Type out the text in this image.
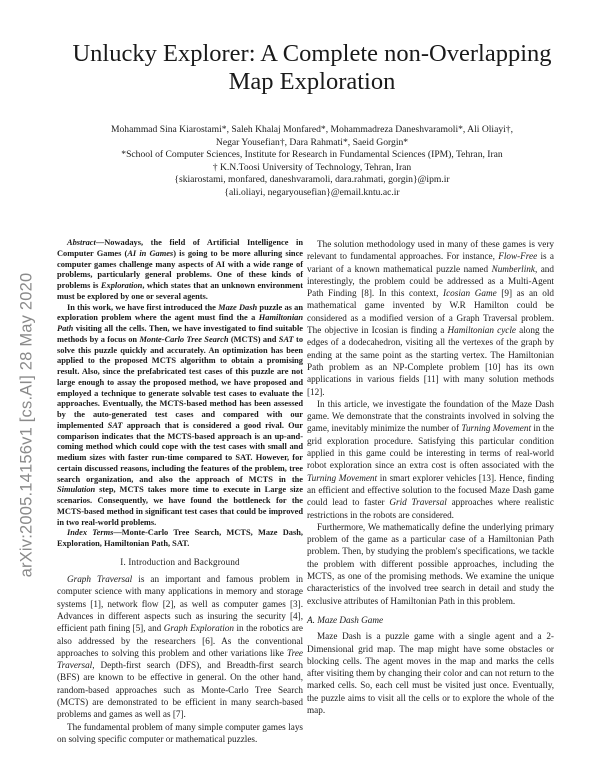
arXiv:2005.14156v1 [cs.AI] 28 May 2020
Unlucky Explorer: A Complete non-Overlapping
Map Exploration
Mohammad Sina Kiarostami*, Saleh Khalaj Monfared*, Mohammadreza Daneshvaramoli*, Ali Oliayi†,
Negar Yousefian†, Dara Rahmati*, Saeid Gorgin*
*School of Computer Sciences, Institute for Research in Fundamental Sciences (IPM), Tehran, Iran
† K.N.Toosi University of Technology, Tehran, Iran
{skiarostami, monfared, daneshvaramoli, dara.rahmati, gorgin}@ipm.ir
{ali.oliayi, negaryousefian}@email.kntu.ac.ir

Abstract—Nowadays, the field of Artificial Intelligence in Computer Games (AI in Games) is going to be more alluring since computer games challenge many aspects of AI with a wide range of problems, particularly general problems. One of these kinds of problems is Exploration, which states that an unknown environment must be explored by one or several agents.

In this work, we have first introduced the Maze Dash puzzle as an exploration problem where the agent must find the a Hamiltonian Path visiting all the cells. Then, we have investigated to find suitable methods by a focus on Monte-Carlo Tree Search (MCTS) and SAT to solve this puzzle quickly and accurately. An optimization has been applied to the proposed MCTS algorithm to obtain a promising result. Also, since the prefabricated test cases of this puzzle are not large enough to assay the proposed method, we have proposed and employed a technique to generate solvable test cases to evaluate the approaches. Eventually, the MCTS-based method has been assessed by the auto-generated test cases and compared with our implemented SAT approach that is considered a good rival. Our comparison indicates that the MCTS-based approach is an up-and-coming method which could cope with the test cases with small and medium sizes with faster run-time compared to SAT. However, for certain discussed reasons, including the features of the problem, tree search organization, and also the approach of MCTS in the Simulation step, MCTS takes more time to execute in Large size scenarios. Consequently, we have found the bottleneck for the MCTS-based method in significant test cases that could be improved in two real-world problems.

Index Terms—Monte-Carlo Tree Search, MCTS, Maze Dash, Exploration, Hamiltonian Path, SAT.

I. Introduction and Background

Graph Traversal is an important and famous problem in computer science with many applications in memory and storage systems [1], network flow [2], as well as computer games [3]. Advances in different aspects such as insuring the security [4], efficient path fining [5], and Graph Exploration in the robotics are also addressed by the researchers [6]. As the conventional approaches to solving this problem and other variations like Tree Traversal, Depth-first search (DFS), and Breadth-first search (BFS) are known to be effective in general. On the other hand, random-based approaches such as Monte-Carlo Tree Search (MCTS) are demonstrated to be efficient in many search-based problems and games as well as [7].

The fundamental problem of many simple computer games lays on solving specific computer or mathematical puzzles.

The solution methodology used in many of these games is very relevant to fundamental approaches. For instance, Flow-Free is a variant of a known mathematical puzzle named Numberlink, and interestingly, the problem could be addressed as a Multi-Agent Path Finding [8]. In this context, Icosian Game [9] as an old mathematical game invented by W.R Hamilton could be considered as a modified version of a Graph Traversal problem. The objective in Icosian is finding a Hamiltonian cycle along the edges of a dodecahedron, visiting all the vertexes of the graph by ending at the same point as the starting vertex. The Hamiltonian Path problem as an NP-Complete problem [10] has its own applications in various fields [11] with many solution methods [12].

In this article, we investigate the foundation of the Maze Dash game. We demonstrate that the constraints involved in solving the game, inevitably minimize the number of Turning Movement in the grid exploration procedure. Satisfying this particular condition applied in this game could be interesting in terms of real-world robot exploration since an extra cost is often associated with the Turning Movement in smart explorer vehicles [13]. Hence, finding an efficient and effective solution to the focused Maze Dash game could lead to faster Grid Traversal approaches where realistic restrictions in the robots are considered.

Furthermore, We mathematically define the underlying primary problem of the game as a particular case of a Hamiltonian Path problem. Then, by studying the problem's specifications, we tackle the problem with different possible approaches, including the MCTS, as one of the promising methods. We examine the unique characteristics of the involved tree search in detail and study the exclusive attributes of Hamiltonian Path in this problem.

A. Maze Dash Game

Maze Dash is a puzzle game with a single agent and a 2-Dimensional grid map. The map might have some obstacles or blocking cells. The agent moves in the map and marks the cells after visiting them by changing their color and can not return to the marked cells. So, each cell must be visited just once. Eventually, the puzzle aims to visit all the cells or to explore the whole of the map.
